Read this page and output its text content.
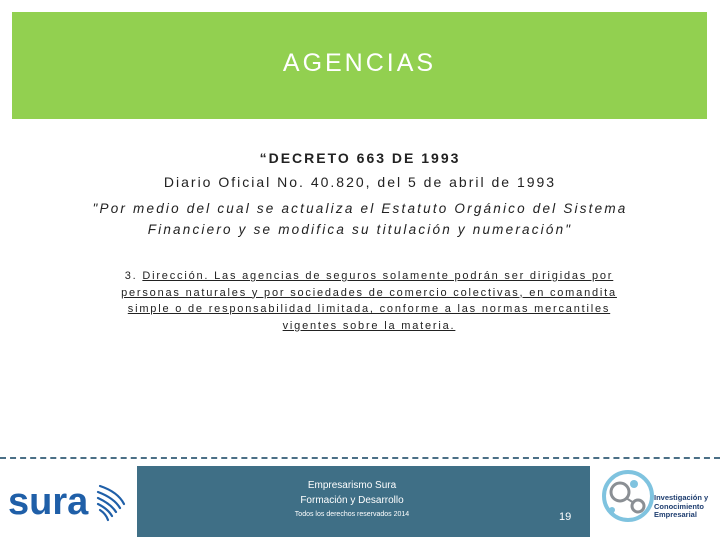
AGENCIAS
“DECRETO 663 DE 1993
Diario Oficial No. 40.820, del 5 de abril de 1993
"Por medio del cual se actualiza el Estatuto Orgánico del Sistema
Financiero y se modifica su titulación y numeración"
3. Dirección. Las agencias de seguros solamente podrán ser dirigidas por
personas naturales y por sociedades de comercio colectivas, en comandita
simple o de responsabilidad limitada, conforme a las normas mercantiles
vigentes sobre la materia.
sura	Empresarismo Sura
Formación y Desarrollo
Todos los derechos reservados 2014	19
Investigación y
Conocimiento
Empresarial
